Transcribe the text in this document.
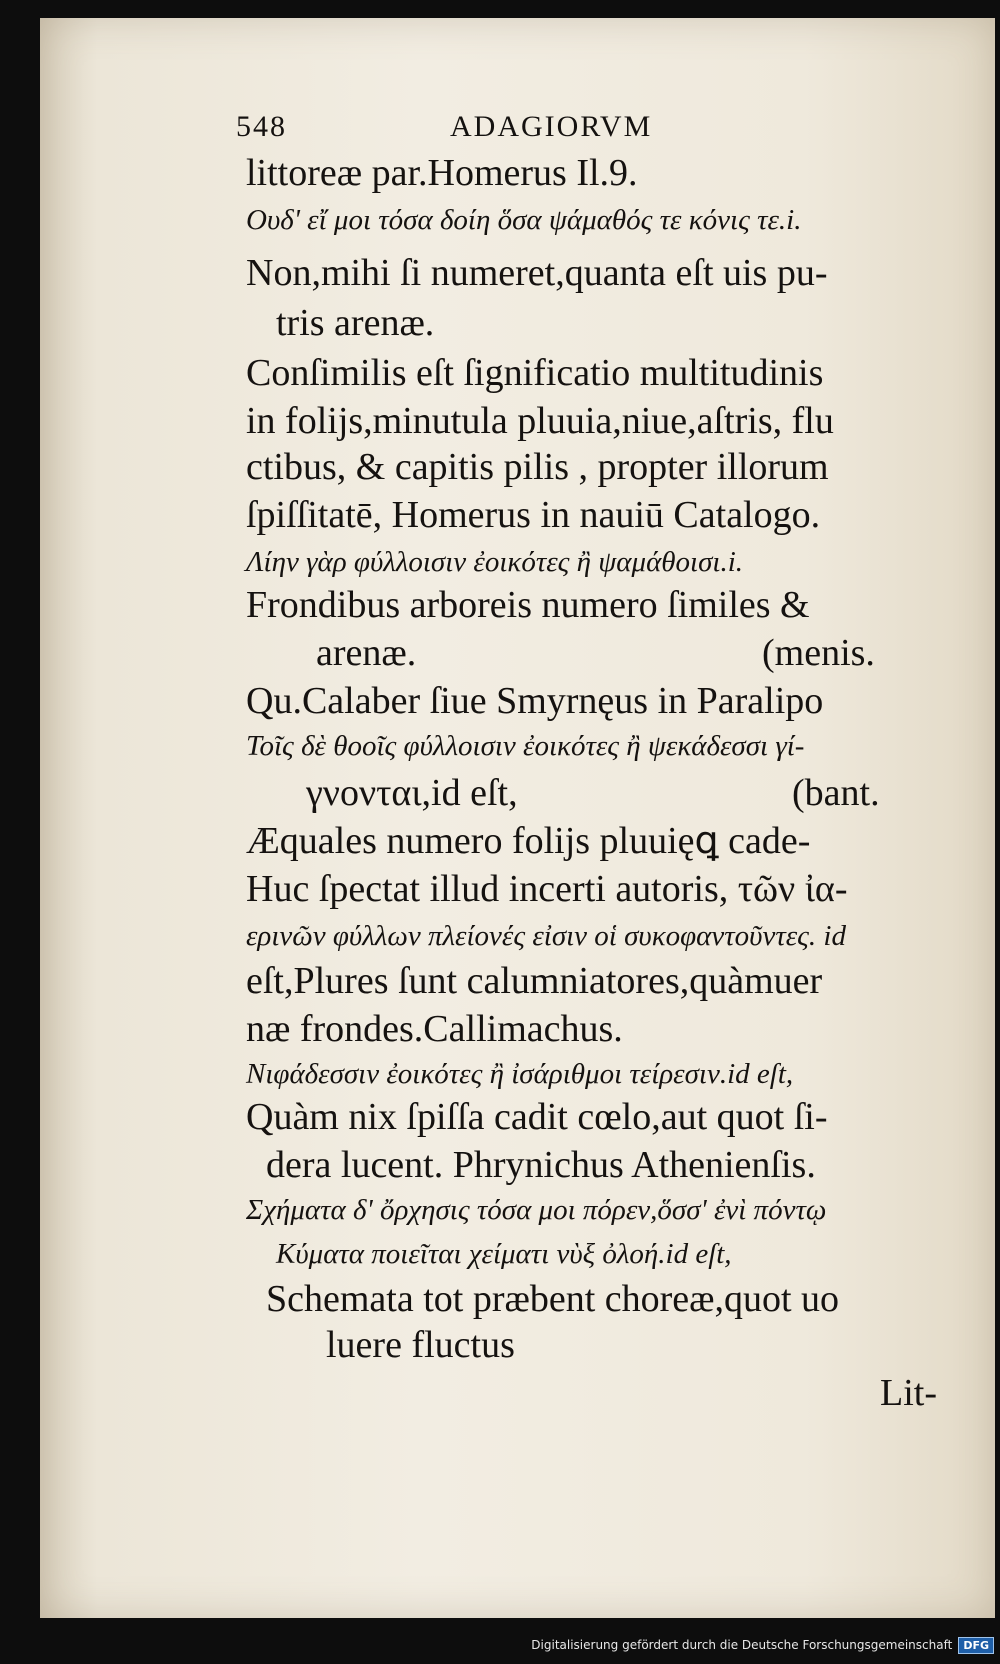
548	ADAGIORVM
littoreæ par.Homerus Il.9.
Ουδ' εἴ μοι τόσα δοίη ὅσα ψάμαθός τε κόνις τε.i.
Non,mihi ſi numeret,quanta eſt uis pu-
tris arenæ.
Conſimilis eſt ſignificatio multitudinis
in folijs,minutula pluuia,niue,aſtris, flu
ctibus, & capitis pilis , propter illorum
ſpiſſitatē, Homerus in nauiū Catalogo.
Λίην γὰρ φύλλοισιν ἐοικότες ἢ ψαμάθοισι.i.
Frondibus arboreis numero ſimiles &
arenæ.	(menis.
Qu.Calaber ſiue Smyrnęus in Paralipo
Τοῖς δὲ θοοῖς φύλλοισιν ἐοικότες ἢ ψεκάδεσσι γί-
γνονται,id eſt,	(bant.
Æquales numero folijs pluuięꝗ cade-
Huc ſpectat illud incerti autoris, τῶν ἰα-
ερινῶν φύλλων πλείονές εἰσιν οἱ συκοφαντοῦντες. id
eſt,Plures ſunt calumniatores,quàmuer
næ frondes.Callimachus.
Νιφάδεσσιν ἐοικότες ἢ ἰσάριθμοι τείρεσιν.id eſt,
Quàm nix ſpiſſa cadit cœlo,aut quot ſi-
dera lucent. Phrynichus Athenienſis.
Σχήματα δ' ὄρχησις τόσα μοι πόρεν,ὅσσ' ἐνὶ πόντῳ
Κύματα ποιεῖται χείματι νὺξ ὀλοή.id eſt,
Schemata tot præbent choreæ,quot uo
luere fluctus
Lit-
Digitalisierung gefördert durch die Deutsche Forschungsgemeinschaft	DFG
